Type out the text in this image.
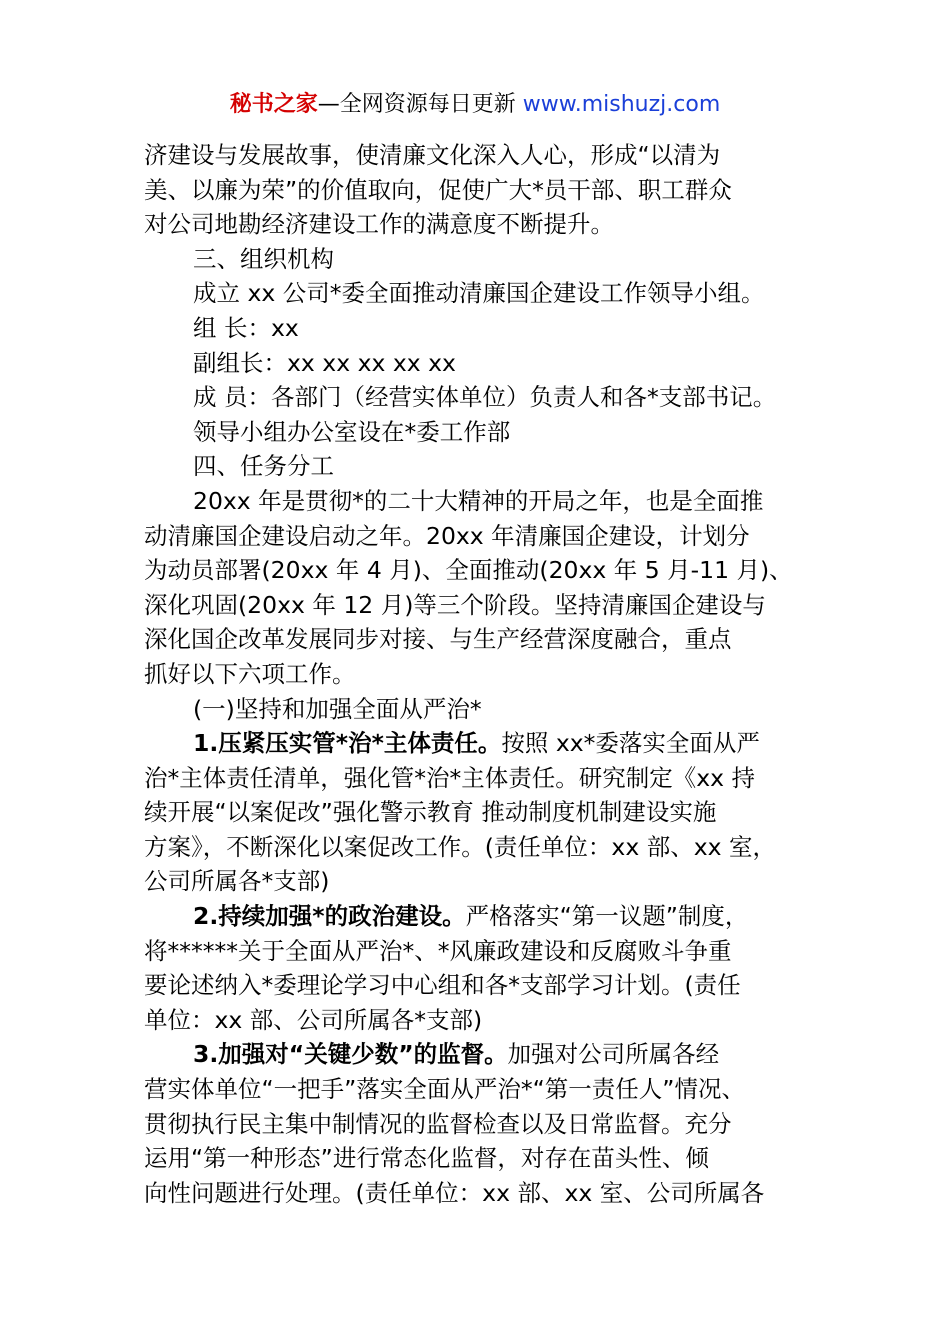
秘书之家—全网资源每日更新 www.mishuzj.com
济建设与发展故事，使清廉文化深入人心，形成“以清为
美、以廉为荣”的价值取向，促使广大*员干部、职工群众
对公司地勘经济建设工作的满意度不断提升。
三、组织机构
成立 xx 公司*委全面推动清廉国企建设工作领导小组。
组 长：xx
副组长：xx xx xx xx xx
成 员：各部门（经营实体单位）负责人和各*支部书记。
领导小组办公室设在*委工作部
四、任务分工
20xx 年是贯彻*的二十大精神的开局之年，也是全面推
动清廉国企建设启动之年。20xx 年清廉国企建设，计划分
为动员部署(20xx 年 4 月)、全面推动(20xx 年 5 月-11 月)、
深化巩固(20xx 年 12 月)等三个阶段。坚持清廉国企建设与
深化国企改革发展同步对接、与生产经营深度融合，重点
抓好以下六项工作。
(一)坚持和加强全面从严治*
1.压紧压实管*治*主体责任。按照 xx*委落实全面从严
治*主体责任清单，强化管*治*主体责任。研究制定《xx 持
续开展“以案促改”强化警示教育 推动制度机制建设实施
方案》，不断深化以案促改工作。(责任单位：xx 部、xx 室，
公司所属各*支部)
2.持续加强*的政治建设。严格落实“第一议题”制度，
将******关于全面从严治*、*风廉政建设和反腐败斗争重
要论述纳入*委理论学习中心组和各*支部学习计划。(责任
单位：xx 部、公司所属各*支部)
3.加强对“关键少数”的监督。加强对公司所属各经
营实体单位“一把手”落实全面从严治*“第一责任人”情况、
贯彻执行民主集中制情况的监督检查以及日常监督。充分
运用“第一种形态”进行常态化监督，对存在苗头性、倾
向性问题进行处理。(责任单位：xx 部、xx 室、公司所属各
